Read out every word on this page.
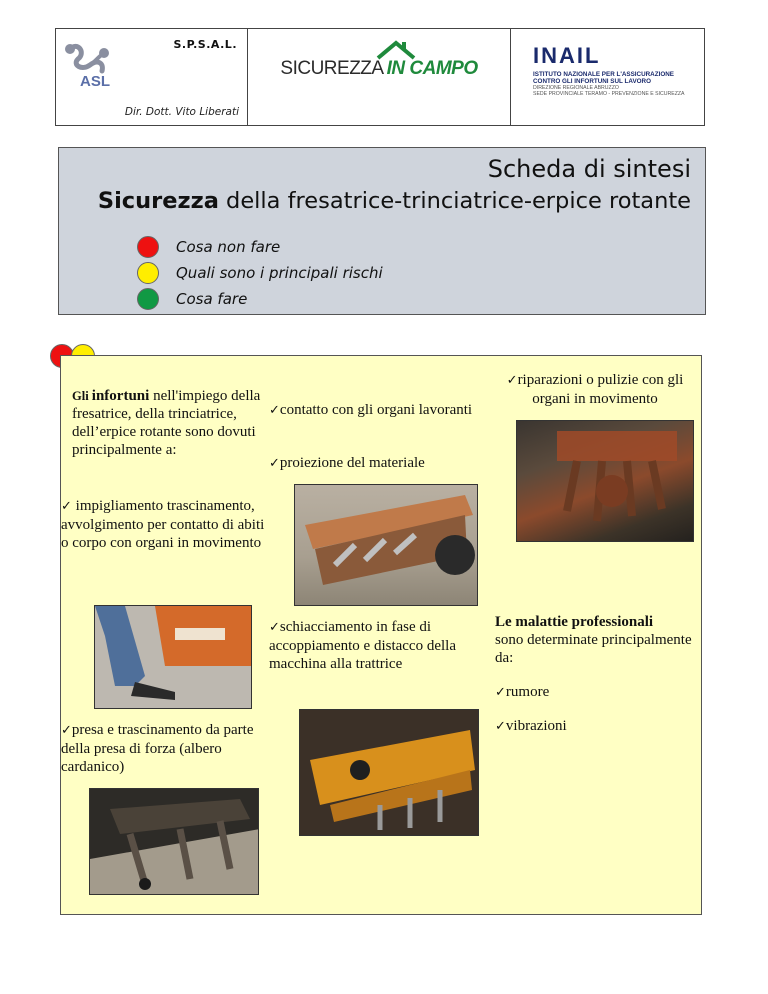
ASL
S.P.S.A.L.
Dir. Dott. Vito Liberati
SICUREZZA IN CAMPO
INAIL
ISTITUTO NAZIONALE PER L'ASSICURAZIONE
CONTRO GLI INFORTUNI SUL LAVORO
DIREZIONE REGIONALE ABRUZZO
SEDE PROVINCIALE TERAMO - PREVENZIONE E SICUREZZA
Scheda di sintesi
Sicurezza della fresatrice-trinciatrice-erpice rotante
Cosa non fare
Quali sono i principali rischi
Cosa fare
Gli infortuni nell'impiego della fresatrice, della trinciatrice, dell’erpice rotante sono dovuti principalmente a:
✓contatto con gli organi lavoranti
✓proiezione del materiale
✓riparazioni o pulizie con gli organi in movimento
✓ impigliamento trascinamento, avvolgimento per contatto di abiti o corpo con organi in movimento
✓schiacciamento in fase di accoppiamento e distacco della macchina alla trattrice
Le malattie professionali
sono determinate principalmente da:
✓rumore
✓vibrazioni
✓presa e trascinamento da parte della presa di forza (albero cardanico)
